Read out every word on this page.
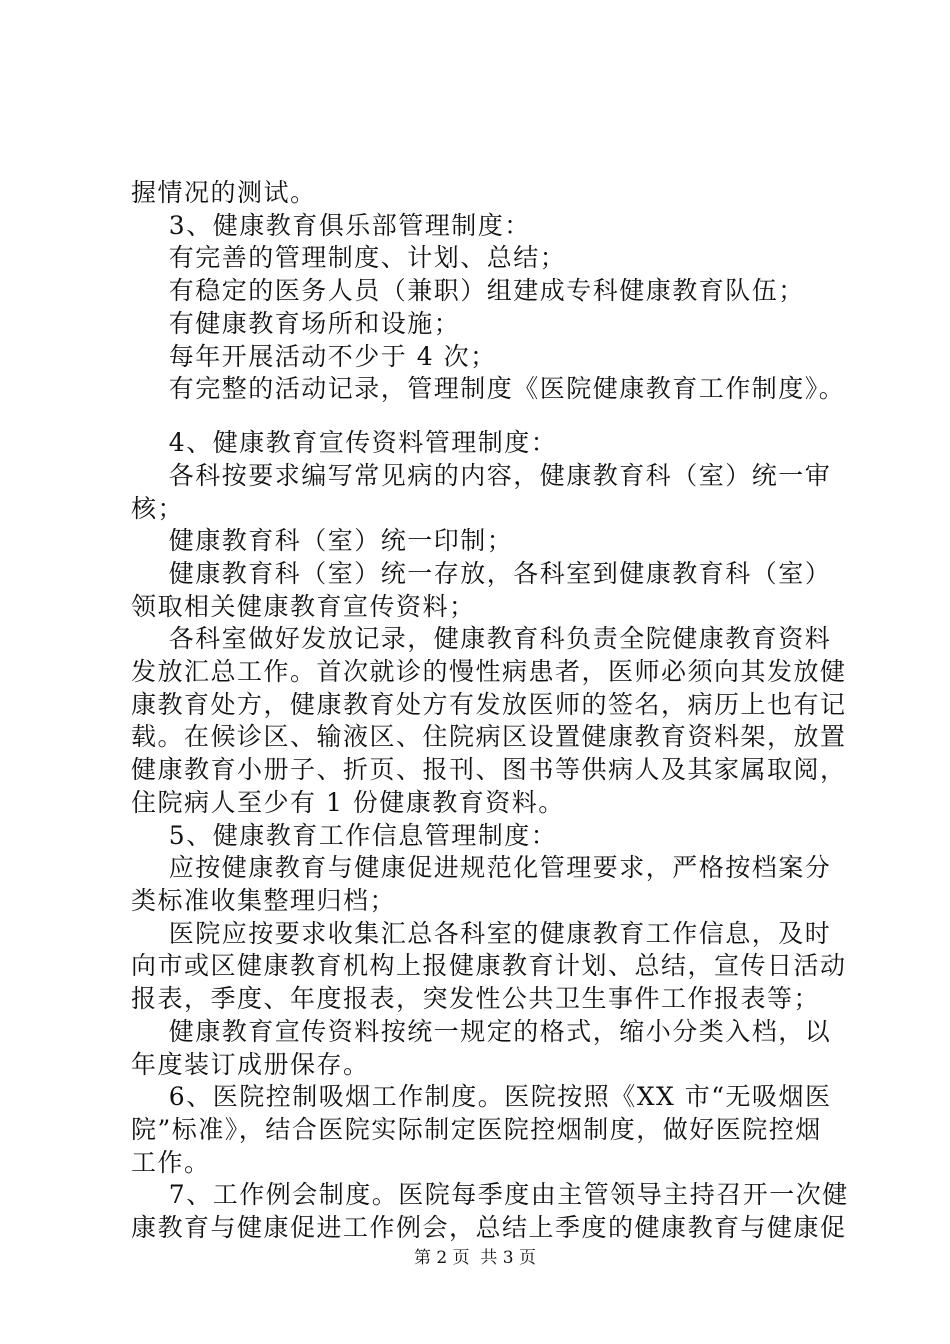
握情况的测试。
3、健康教育俱乐部管理制度：
有完善的管理制度、计划、总结；
有稳定的医务人员（兼职）组建成专科健康教育队伍；
有健康教育场所和设施；
每年开展活动不少于 4 次；
有完整的活动记录，管理制度《医院健康教育工作制度》。
4、健康教育宣传资料管理制度：
各科按要求编写常见病的内容，健康教育科（室）统一审
核；
健康教育科（室）统一印制；
健康教育科（室）统一存放，各科室到健康教育科（室）
领取相关健康教育宣传资料；
各科室做好发放记录，健康教育科负责全院健康教育资料
发放汇总工作。首次就诊的慢性病患者，医师必须向其发放健
康教育处方，健康教育处方有发放医师的签名，病历上也有记
载。在候诊区、输液区、住院病区设置健康教育资料架，放置
健康教育小册子、折页、报刊、图书等供病人及其家属取阅，
住院病人至少有 1 份健康教育资料。
5、健康教育工作信息管理制度：
应按健康教育与健康促进规范化管理要求，严格按档案分
类标准收集整理归档；
医院应按要求收集汇总各科室的健康教育工作信息，及时
向市或区健康教育机构上报健康教育计划、总结，宣传日活动
报表，季度、年度报表，突发性公共卫生事件工作报表等；
健康教育宣传资料按统一规定的格式，缩小分类入档，以
年度装订成册保存。
6、医院控制吸烟工作制度。医院按照《XX 市“无吸烟医
院”标准》，结合医院实际制定医院控烟制度，做好医院控烟
工作。
7、工作例会制度。医院每季度由主管领导主持召开一次健
康教育与健康促进工作例会，总结上季度的健康教育与健康促
第 2 页  共 3 页
